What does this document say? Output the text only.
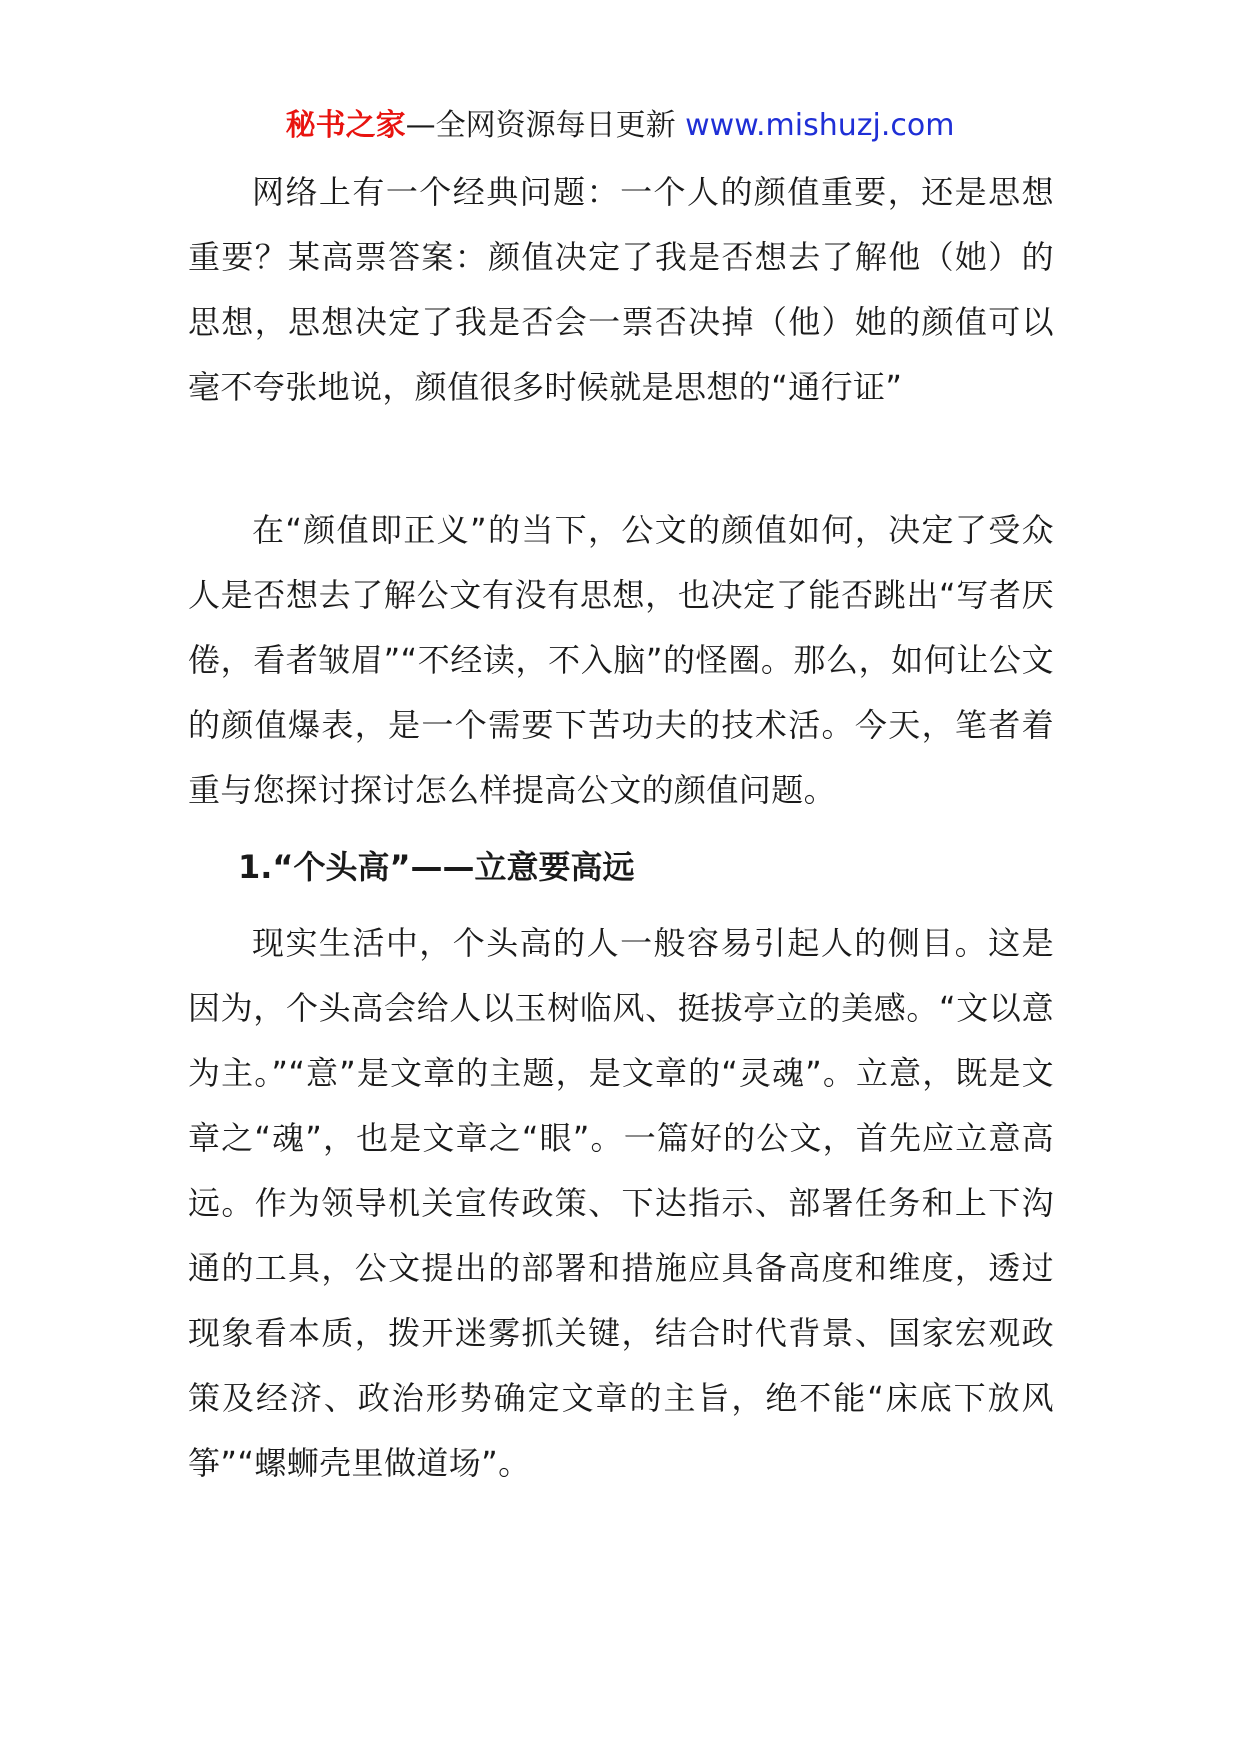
秘书之家—全网资源每日更新 www.mishuzj.com

网络上有一个经典问题：一个人的颜值重要，还是思想重要？某高票答案：颜值决定了我是否想去了解他（她）的思想，思想决定了我是否会一票否决掉（他）她的颜值可以毫不夸张地说，颜值很多时候就是思想的“通行证”

在“颜值即正义”的当下，公文的颜值如何，决定了受众人是否想去了解公文有没有思想，也决定了能否跳出“写者厌倦，看者皱眉”“不经读，不入脑”的怪圈。那么，如何让公文的颜值爆表，是一个需要下苦功夫的技术活。今天，笔者着重与您探讨探讨怎么样提高公文的颜值问题。

1.“个头高”——立意要高远

现实生活中，个头高的人一般容易引起人的侧目。这是因为，个头高会给人以玉树临风、挺拔亭立的美感。“文以意为主。”“意”是文章的主题，是文章的“灵魂”。立意，既是文章之“魂”，也是文章之“眼”。一篇好的公文，首先应立意高远。作为领导机关宣传政策、下达指示、部署任务和上下沟通的工具，公文提出的部署和措施应具备高度和维度，透过现象看本质，拨开迷雾抓关键，结合时代背景、国家宏观政策及经济、政治形势确定文章的主旨，绝不能“床底下放风筝”“螺蛳壳里做道场”。
